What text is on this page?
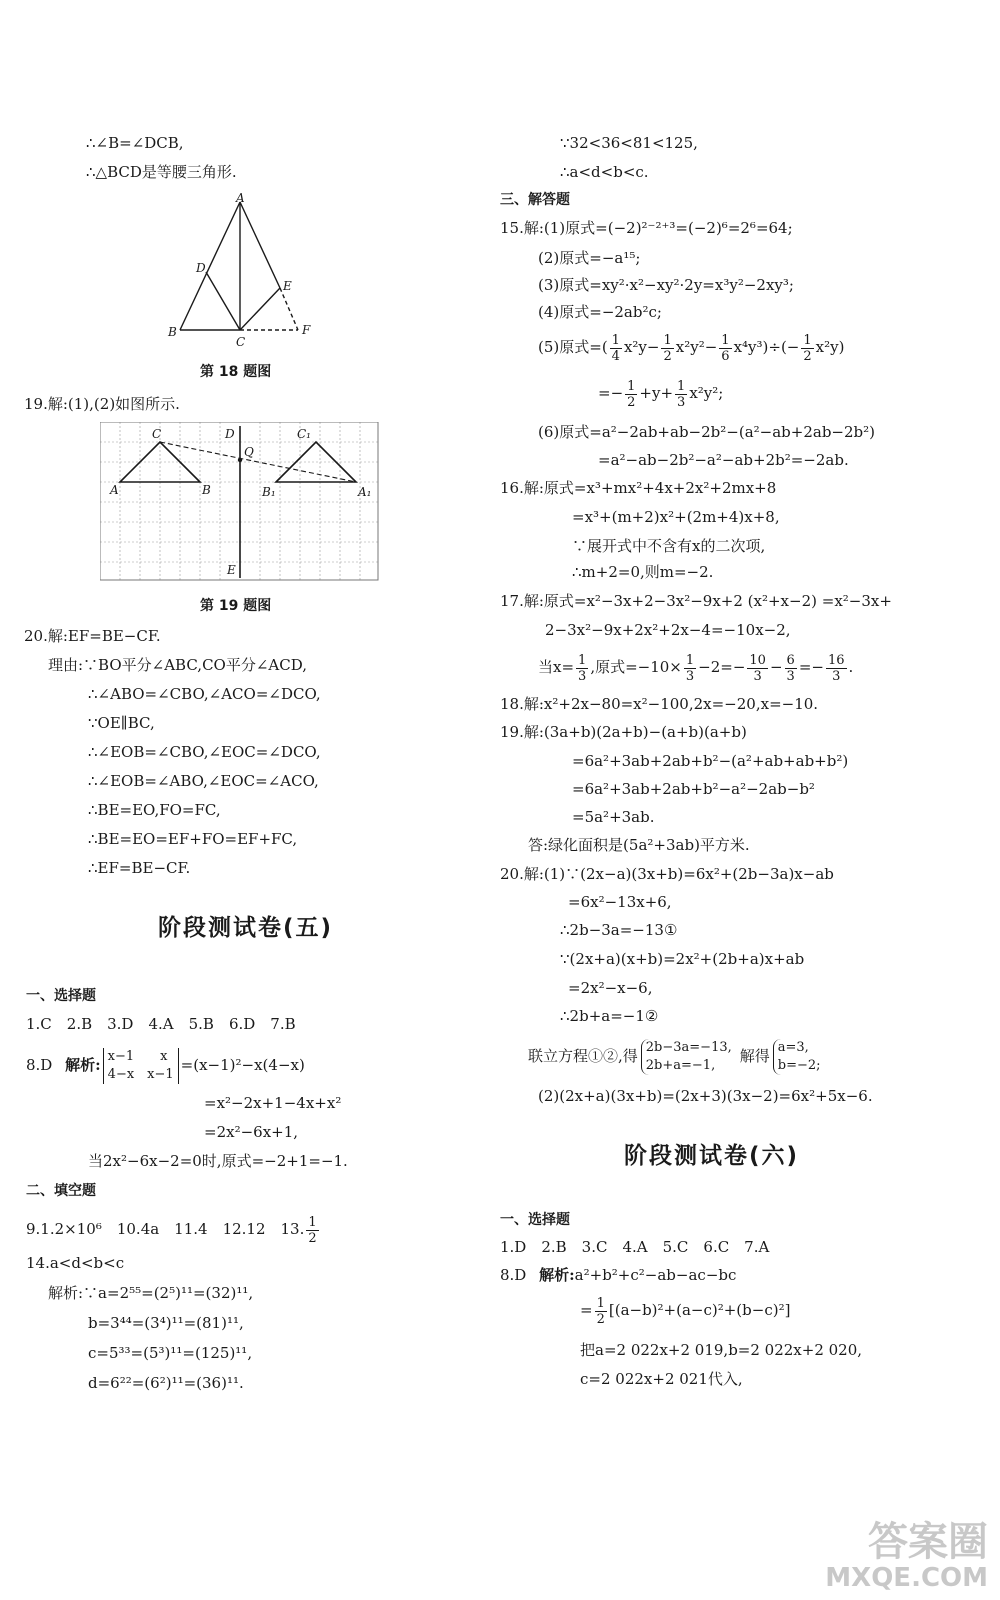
∴∠B=∠DCB,
∴△BCD是等腰三角形.
A
D
E
B
C
F
第 18 题图
19.解:(1),(2)如图所示.
C	D	C₁
Q
A	B	B₁	A₁
E
第 19 题图
20.解:EF=BE−CF.
理由:∵BO平分∠ABC,CO平分∠ACD,
∴∠ABO=∠CBO,∠ACO=∠DCO,
∵OE∥BC,
∴∠EOB=∠CBO,∠EOC=∠DCO,
∴∠EOB=∠ABO,∠EOC=∠ACO,
∴BE=EO,FO=FC,
∴BE=EO=EF+FO=EF+FC,
∴EF=BE−CF.
阶段测试卷(五)
一、选择题
1.C　2.B　3.D　4.A　5.B　6.D　7.B
8.D 解析: x−1　　x
4−x　x−1
=(x−1)²−x(4−x)
=x²−2x+1−4x+x²
=2x²−6x+1,
当2x²−6x−2=0时,原式=−2+1=−1.
二、填空题
9.1.2×10⁶　10.4a　11.4　12.12　13. $\frac{1}{2}$
14.a<d<b<c
解析:∵a=2⁵⁵=(2⁵)¹¹=(32)¹¹,
b=3⁴⁴=(3⁴)¹¹=(81)¹¹,
c=5³³=(5³)¹¹=(125)¹¹,
d=6²²=(6²)¹¹=(36)¹¹.
∵32<36<81<125,
∴a<d<b<c.
三、解答题
15.解:(1)原式=(−2)²⁻²⁺³=(−2)⁶=2⁶=64;
(2)原式=−a¹⁵;
(3)原式=xy²·x²−xy²·2y=x³y²−2xy³;
(4)原式=−2ab²c;
(5)原式=( $\frac{1}{4} x^2y- \frac{1}{2} x^2y^2- \frac{1}{6} x^4y^3)\div(- \frac{1}{2} x^2y)$
=− $\frac{1}{2} +y+ \frac{1}{3} x^2y^2$;
(6)原式=a²−2ab+ab−2b²−(a²−ab+2ab−2b²)
=a²−ab−2b²−a²−ab+2b²=−2ab.
16.解:原式=x³+mx²+4x+2x²+2mx+8
=x³+(m+2)x²+(2m+4)x+8,
∵展开式中不含有x的二次项,
∴m+2=0,则m=−2.
17.解:原式=x²−3x+2−3x²−9x+2 (x²+x−2) =x²−3x+
2−3x²−9x+2x²+2x−4=−10x−2,
当$x= \frac{1}{3}$ ,原式$=-10\times \frac{1}{3} -2=- \frac{10}{3} - \frac{6}{3} =- \frac{16}{3}$ .
18.解:x²+2x−80=x²−100,2x=−20,x=−10.
19.解:(3a+b)(2a+b)−(a+b)(a+b)
=6a²+3ab+2ab+b²−(a²+ab+ab+b²)
=6a²+3ab+2ab+b²−a²−2ab−b²
=5a²+3ab.
答:绿化面积是(5a²+3ab)平方米.
20.解:(1)∵(2x−a)(3x+b)=6x²+(2b−3a)x−ab
=6x²−13x+6,
∴2b−3a=−13①
∵(2x+a)(x+b)=2x²+(2b+a)x+ab
=2x²−x−6,
∴2b+a=−1②
联立方程①②,得 2b−3a=−13,
2b+a=−1,
解得 a=3,
b=−2;
(2)(2x+a)(3x+b)=(2x+3)(3x−2)=6x²+5x−6.
阶段测试卷(六)
一、选择题
1.D　2.B　3.C　4.A　5.C　6.C　7.A
8.D 解析:a²+b²+c²−ab−ac−bc
= $\frac{1}{2} [(a-b)^2+(a-c)^2+(b-c)^2]$
把a=2 022x+2 019,b=2 022x+2 020,
c=2 022x+2 021代入,
答案圈
MXQE.COM
